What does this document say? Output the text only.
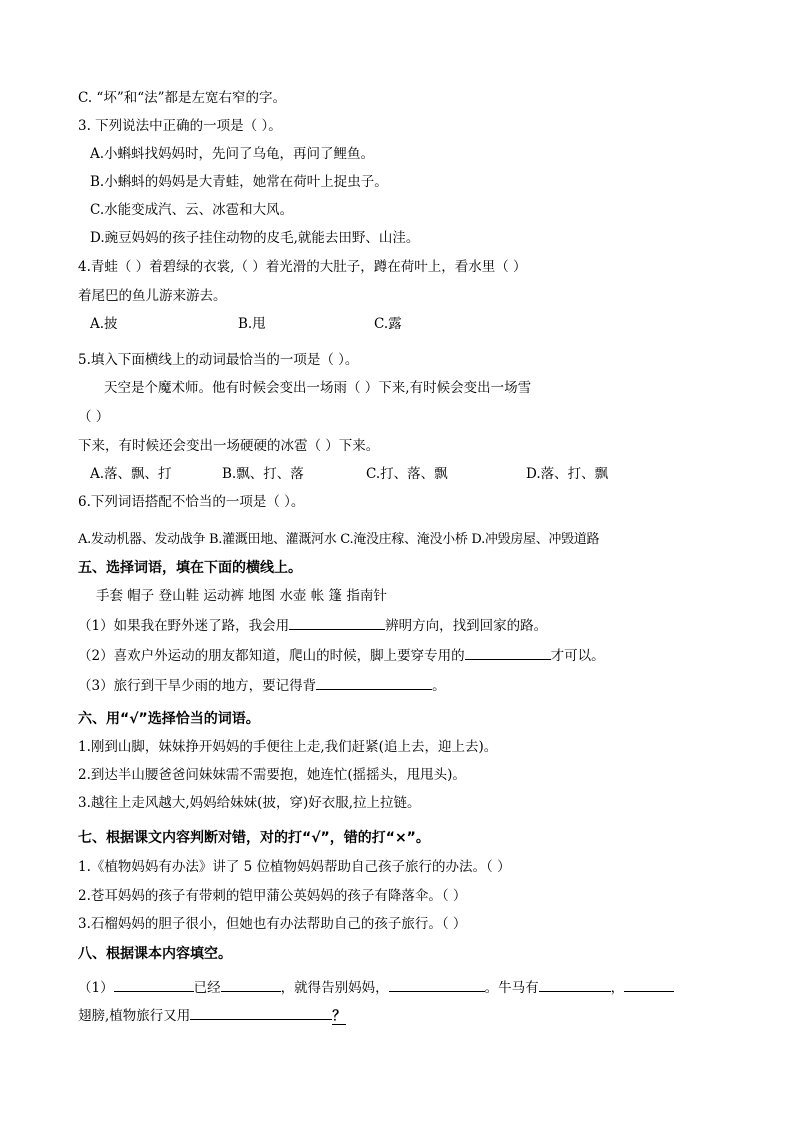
C. “坏”和“法”都是左宽右窄的字。
3. 下列说法中正确的一项是（ ）。
A.小蝌蚪找妈妈时，先问了乌龟，再问了鲤鱼。
B.小蝌蚪的妈妈是大青蛙，她常在荷叶上捉虫子。
C.水能变成汽、云、冰雹和大风。
D.豌豆妈妈的孩子挂住动物的皮毛,就能去田野、山洼。
4.青蛙（ ）着碧绿的衣裳,（ ）着光滑的大肚子，蹲在荷叶上，看水里（ ）
着尾巴的鱼儿游来游去。
A.披	B.甩	C.露
5.填入下面横线上的动词最恰当的一项是（ ）。
天空是个魔术师。他有时候会变出一场雨（ ）下来,有时候会变出一场雪
（ ）
下来，有时候还会变出一场硬硬的冰雹（ ）下来。
A.落、飘、打	B.飘、打、落	C.打、落、飘	D.落、打、飘
6.下列词语搭配不恰当的一项是（ ）。
A.发动机器、发动战争 B.灌溉田地、灌溉河水 C.淹没庄稼、淹没小桥 D.冲毁房屋、冲毁道路
五、选择词语，填在下面的横线上。
手套 帽子 登山鞋 运动裤 地图 水壶 帐 篷 指南针
（1）如果我在野外迷了路，我会用	辨明方向，找到回家的路。
（2）喜欢户外运动的朋友都知道，爬山的时候，脚上要穿专用的	才可以。
（3）旅行到干旱少雨的地方，要记得背	。
六、用“√”选择恰当的词语。
1.刚到山脚，妹妹挣开妈妈的手便往上走,我们赶紧(追上去，迎上去)。
2.到达半山腰爸爸问妹妹需不需要抱，她连忙(摇摇头，甩甩头)。
3.越往上走风越大,妈妈给妹妹(披，穿)好衣服,拉上拉链。
七、根据课文内容判断对错，对的打“√”，错的打“×”。
1.《植物妈妈有办法》讲了 5 位植物妈妈帮助自己孩子旅行的办法。（ ）
2.苍耳妈妈的孩子有带刺的铠甲蒲公英妈妈的孩子有降落伞。（ ）
3.石榴妈妈的胆子很小，但她也有办法帮助自己的孩子旅行。（ ）
八、根据课本内容填空。
（1）	已经	，就得告别妈妈，	。牛马有	，
翅膀,植物旅行又用	？
